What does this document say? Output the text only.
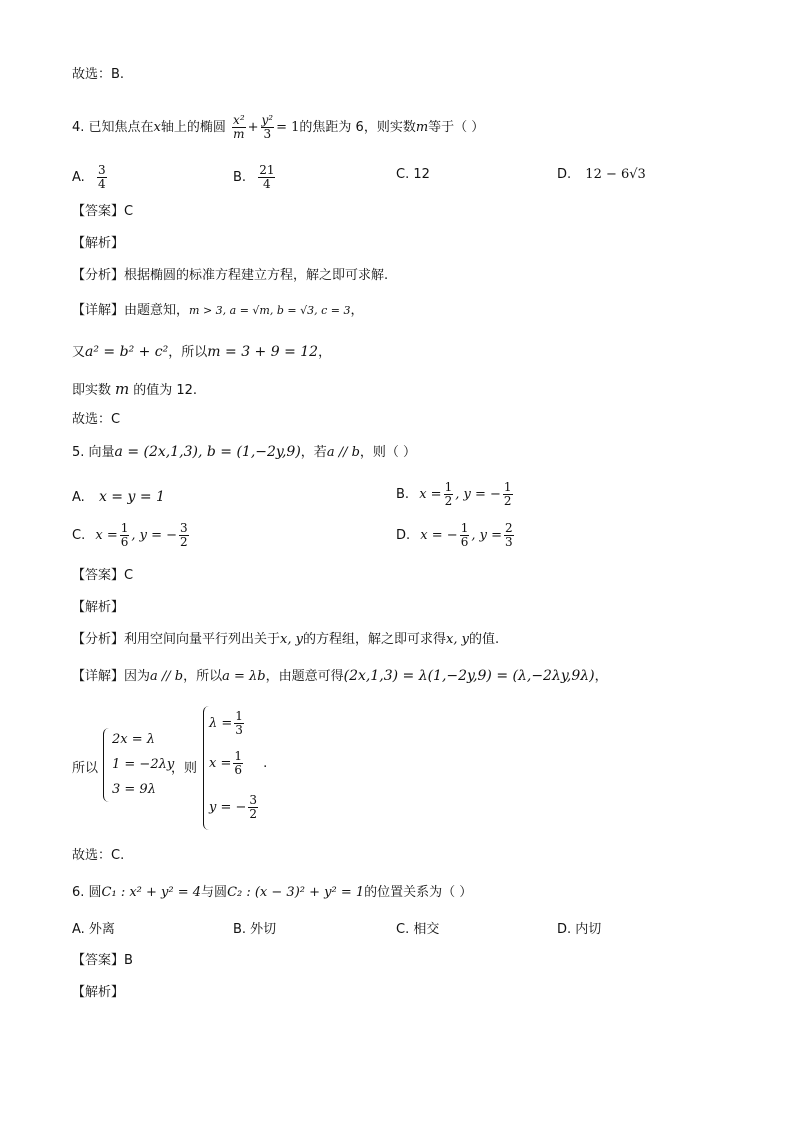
故选：B.
4. 已知焦点在x轴上的椭圆 $\frac{\text{x²}}{m} + \frac{\text{y²}}{3} = 1$的焦距为 6，则实数m等于（ ）
A. $\frac{3}{4}$	B. $\frac{21}{4}$	C. 12	D. 12 − 6√3
【答案】C
【解析】
【分析】根据椭圆的标准方程建立方程，解之即可求解.
【详解】由题意知，m > 3, a = √m, b = √3, c = 3，
又a² = b² + c²，所以m = 3 + 9 = 12，
即实数 m 的值为 12.
故选：C
5. 向量a = (2x,1,3), b = (1,−2y,9)，若a // b，则（ ）
A. x = y = 1	B. $x = \frac{1}{2}$ , y = − $\frac{1}{2}$
C. $x = \frac{1}{6}$ , y = − $\frac{3}{2}$	D. x = − $\frac{1}{6}$ , $y = \frac{2}{3}$
【答案】C
【解析】
【分析】利用空间向量平行列出关于x, y的方程组，解之即可求得x, y的值.
【详解】因为a // b，所以a = λb，由题意可得(2x,1,3) = λ(1,−2y,9) = (λ,−2λy,9λ)，
所以
2x = λ
1 = −2λy
3 = 9λ
，则
$\lambda = \frac{1}{3}$
$x = \frac{1}{6}$ .
y = − $\frac{3}{2}$
故选：C.
6. 圆C₁ : x² + y² = 4与圆C₂ : (x − 3)² + y² = 1的位置关系为（ ）
A. 外离	B. 外切	C. 相交	D. 内切
【答案】B
【解析】
